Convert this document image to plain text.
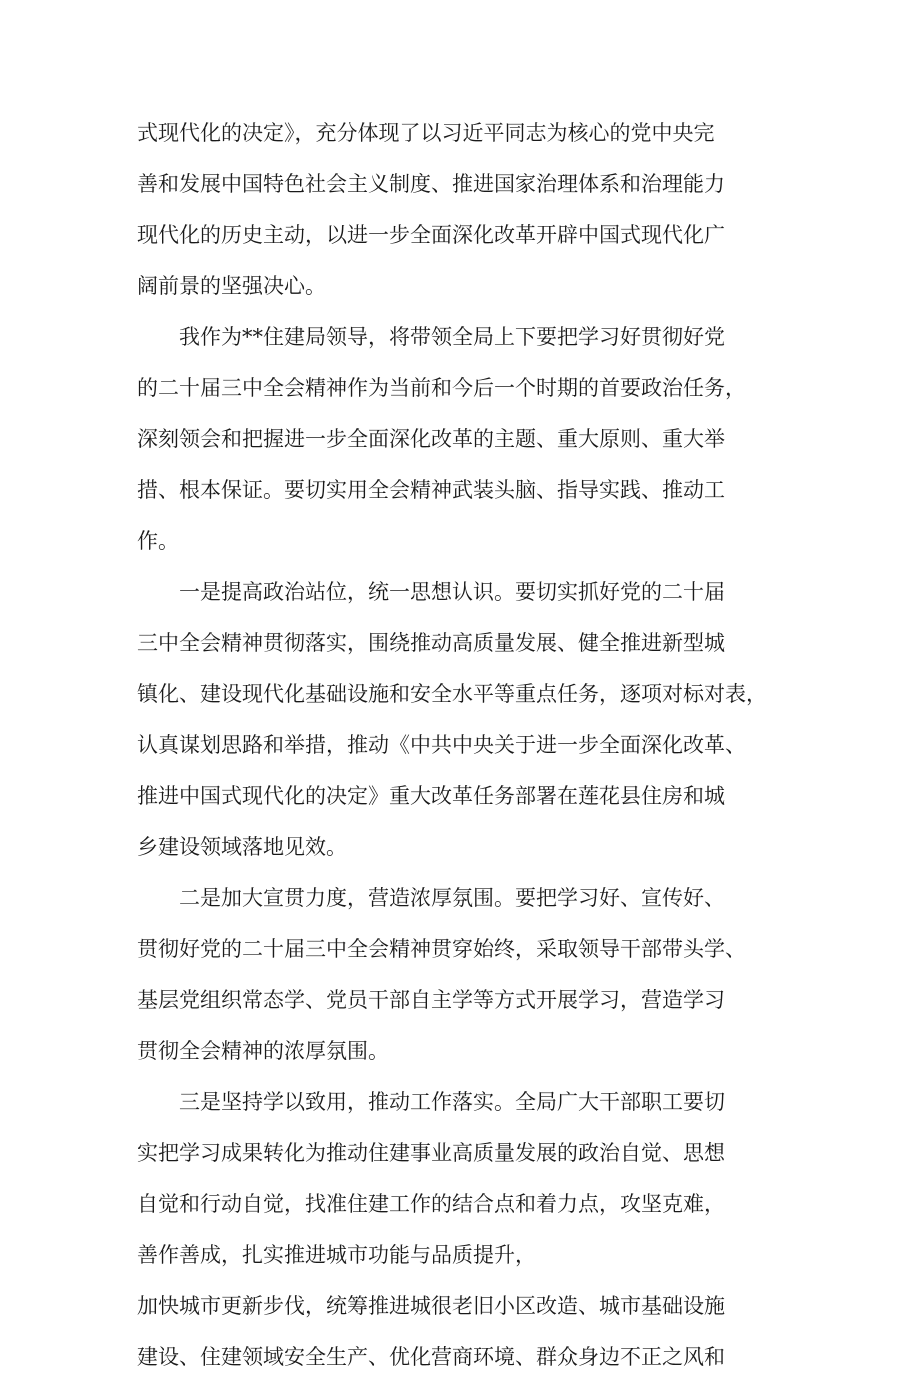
式现代化的决定》，充分体现了以习近平同志为核心的党中央完
善和发展中国特色社会主义制度、推进国家治理体系和治理能力
现代化的历史主动，以进一步全面深化改革开辟中国式现代化广
阔前景的坚强决心。

我作为**住建局领导，将带领全局上下要把学习好贯彻好党
的二十届三中全会精神作为当前和今后一个时期的首要政治任务，
深刻领会和把握进一步全面深化改革的主题、重大原则、重大举
措、根本保证。要切实用全会精神武装头脑、指导实践、推动工
作。

一是提高政治站位，统一思想认识。要切实抓好党的二十届
三中全会精神贯彻落实，围绕推动高质量发展、健全推进新型城
镇化、建设现代化基础设施和安全水平等重点任务，逐项对标对表，
认真谋划思路和举措，推动《中共中央关于进一步全面深化改革、
推进中国式现代化的决定》重大改革任务部署在莲花县住房和城
乡建设领域落地见效。

二是加大宣贯力度，营造浓厚氛围。要把学习好、宣传好、
贯彻好党的二十届三中全会精神贯穿始终，采取领导干部带头学、
基层党组织常态学、党员干部自主学等方式开展学习，营造学习
贯彻全会精神的浓厚氛围。

三是坚持学以致用，推动工作落实。全局广大干部职工要切
实把学习成果转化为推动住建事业高质量发展的政治自觉、思想
自觉和行动自觉，找准住建工作的结合点和着力点，攻坚克难，
善作善成，扎实推进城市功能与品质提升，
加快城市更新步伐，统筹推进城很老旧小区改造、城市基础设施
建设、住建领域安全生产、优化营商环境、群众身边不正之风和
